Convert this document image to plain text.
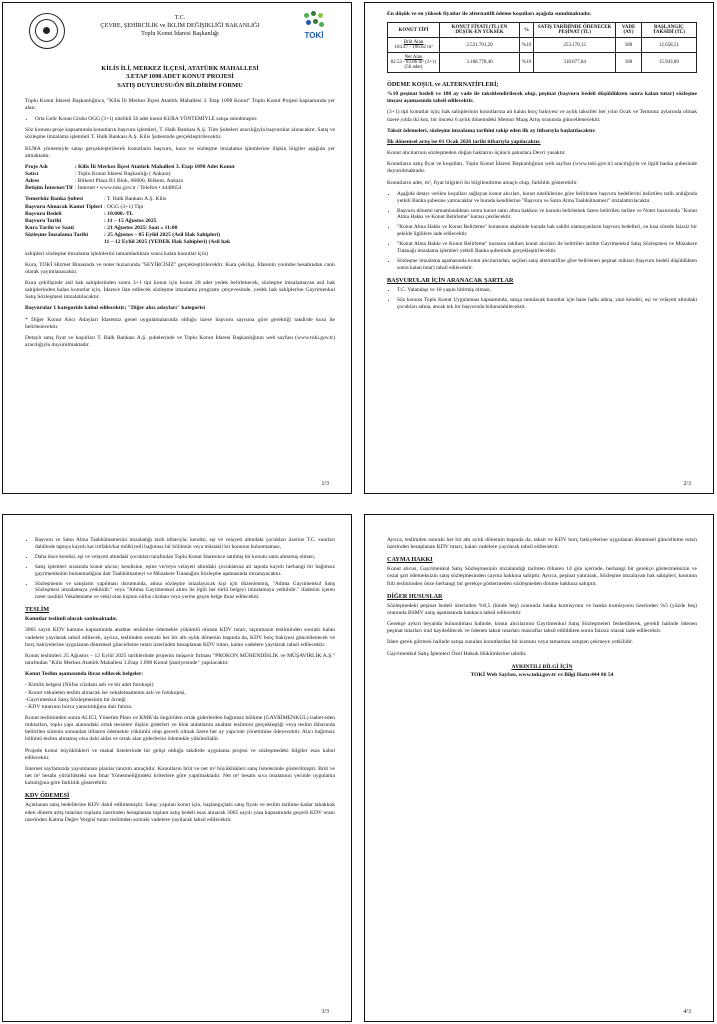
T.C.
ÇEVRE, ŞEHİRCİLİK ve İKLİM DEĞİŞİKLİĞİ BAKANLIĞI
Toplu Konut İdaresi Başkanlığı	TOKİ
KİLİS İLİ, MERKEZ İLÇESİ, ATATÜRK MAHALLESİ
3.ETAP 1098 ADET KONUT PROJESİ
SATIŞ DUYURUSU/ÖN BİLDİRİM FORMU

Toplu Konut İdaresi Başkanlığınca, "Kilis İli Merkez İlçesi Atatürk Mahallesi 3. Etap 1098 Konut" Toplu Konut Projesi kapsamında yer alan;

• Orta Gelir Konut Grubu OGG (3+1) nitelikli 56 adet konut KURA YÖNTEMİYLE satışa sunulmuştur.

Söz konusu proje kapsamında konutların başvuru işlemleri, T. Halk Bankası A.Ş. Tüm Şubeleri aracılığıyla başvurular alınacaktır. Satış ve sözleşme imzalama işlemleri T. Halk Bankası A.Ş. Kilis Şubesinde gerçekleştirilecektir.

KURA yöntemiyle satışı gerçekleştirilecek konutların başvuru, kura ve sözleşme imzalama işlemlerine ilişkin bilgiler aşağıda yer almaktadır.

Proje Adı	: Kilis İli Merkez İlçesi Atatürk Mahallesi 3. Etap 1098 Adet Konut
Satıcı	: Toplu Konut İdaresi Başkanlığı ( Ankara)
Adres	: Bilkent Plaza B1 Blok, 06800, Bilkent, Ankara
İletişim İnternet/Tlf	: İnternet • www.toki.gov.tr / Telefon • 4448654
Temerküz Banka Şubesi	: T. Halk Bankası A.Ş. Kilis
Başvuru Alınacak Konut Tipleri	: OGG (3+1) Tipi
Başvuru Bedeli	: 10.000.-TL
Başvuru Tarihi	: 11 – 15 Ağustos 2025
Kura Tarihi ve Saati	: 21 Ağustos 2025/ Saat » 11:00
Sözleşme İmzalama Tarihi	: 25 Ağustos – 05 Eylül 2025 (Asil Hak Sahipleri)
	11 – 12 Eylül 2025 (YEDEK Hak Sahipleri) (Asil hak

sahipleri sözleşme imzalama işlemlerini tamamladıktan sonra kalan konutlar için)

Kura, TOKİ Hizmet Binasında ve noter huzurunda "SEYİRCİSİZ" gerçekleştirilecektir. Kura çekilişi, İdarenin youtube hesabından canlı olarak yayımlanacaktır.

Kura çekilişinde asil hak sahiplerinden sonra 3+1 tipi konut için konut 28 adet yedek belirlenecek, sözleşme imzalamayan asil hak sahiplerinden kalan konutlar için, İdarece ilan edilecek sözleşme imzalama programı çerçevesinde, yedek hak sahiplerine Gayrimenkul Satış Sözleşmesi imzalatılacaktır.

Başvurular 1 kategoride kabul edilecektir; "Diğer alıcı adayları" kategorisi

* Diğer Konut Alıcı Adayları İdaremiz genel uygulamalarında olduğu üzere başvuru sayısına göre gerektiği takdirde kura ile belirlenecektir.

Detaylı satış fiyat ve koşulları T. Halk Bankası A.Ş. şubelerinde ve Toplu Konut İdaresi Başkanlığının web sayfası (www.toki.gov.tr) aracılığıyla duyurulmaktadır.

1/3

En düşük ve en yüksek fiyatlar ile alternatifli ödeme koşulları aşağıda sunulmaktadır.

KONUT TİPİ	KONUT FİYATI (TL) EN DÜŞÜK-EN YÜKSEK	%	SATIŞ TARİHİNDE ÖDENECEK PEŞİNAT (TL)	VADE (AY)	BAŞLANGIÇ TAKSİDİ (TL)
Brüt Alan
104.47 - 106.62 m²	2.531.701,20	%10	253.170,12	180	12.658,51
Net Alan
82.53 - 83.86 m² (3+1) (56 adet)	3.188.778,40	%10	318.877,84	180	15.943,89
ÖDEME KOŞUL ve ALTERNATİFLERİ;

%10 peşinat bedeli ve 180 ay vade ile taksitlendirilecek olup, peşinat (başvuru bedeli düşüldükten sonra kalan tutar) sözleşme imzası aşamasında tahsil edilecektir.

(3+1) tipi konutlar için; hak sahiplerinin konutlarına ait kalan borç bakiyesi ve aylık taksitler her yılın Ocak ve Temmuz aylarında olmak üzere yılda iki kez, bir önceki 6 aylık dönemdeki Memur Maaş Artış oranında güncellenecektir.

Taksit ödemeleri, sözleşme imzalama tarihini takip eden ilk ay itibarıyla başlatılacaktır.

İlk dönemsel artış ise 01 Ocak 2026 tarihi itibarıyla yapılacaktır.

Konut alıcılarının sözleşmeden doğan haklarını üçüncü şahıslara Devri yasaktır.

Konutların satış fiyat ve koşulları, Toplu Konut İdaresi Başkanlığının web sayfası (www.toki.gov.tr) aracılığıyla ve ilgili banka şubesinde duyurulmaktadır.

Konutların adet, m², fiyat bilgileri bu bilgilendirme amaçlı olup, farklılık gösterebilir.

• Aşağıda detayı verilen koşulları sağlayan konut alıcıları, konut niteliklerine göre belirlenen başvuru bedellerini belirtilen tarih aralığında yetkili Banka şubesine yatıracaklar ve burada kendilerine "Başvuru ve Satın Alma Taahhütnamesi" imzalattırılacaktır.
• Başvuru dönemi tamamlandıktan sonra konut satın alma hakkını ve konutu belirlemek üzere belirtilen tarihte ve Noter huzurunda "Konut Alma Hakkı ve Konut Belirleme" kurası çekilecektir.
• "Konut Alma Hakkı ve Konut Belirleme" kurasının akabinde kurada hak sahibi olamayanların başvuru bedelleri, en kısa sürede faizsiz bir şekilde ilgililere iade edilecektir.
• "Konut Alma Hakkı ve Konut Belirleme" kurasını takiben konut alıcıları ile belirtilen tarihte Gayrimenkul Satış Sözleşmesi ve Müzakere Tutanağı imzalama işlemleri yetkili Banka şubesinde gerçekleştirilecektir.
• Sözleşme imzalama aşamasında konut alıcılarından, seçilen satış alternatifine göre belirlenen peşinat miktarı (başvuru bedeli düşüldükten sonra kalan tutar) tahsil edilecektir.
BAŞVURULAR İÇİN ARANACAK ŞARTLAR
• T.C. Vatandaşı ve 18 yaşını bitirmiş olması,
• Söz konusu Toplu Konut Uygulaması kapsamında, satışa sunulacak konutlar için hane halkı adına, yani kendisi, eşi ve velayeti altındaki çocukları adına, ancak tek bir başvuruda bulunulabilecektir.
2/3
• Başvuru ve Satın Alma Taahhütnamesini imzaladığı tarih itibarıyla; kendisi, eşi ve velayeti altındaki çocukları üzerine T.C. sınırları dahilinde tapuya kayıtlı kat irtifaklı/kat mülkiyetli bağımsız bir bölümün veya müstakil bir konutun bulunmaması,
• Daha önce kendisi, eşi ve velayeti altındaki çocukları tarafından Toplu Konut İdaresince satılmış bir konutu satın almamış olması,
• Satış işlemleri sırasında konut alıcısı; kendisine, eşine ve/veya velayeti altındaki çocuklarına ait tapuda kayıtlı herhangi bir bağımsız gayrimenkulün bulunmadığına dair Taahhütnameyi ve Müzakere Tutanağını Sözleşme aşamasında imzalayacaktır.
• Sözleşmenin ve satışların yapılması durumunda, adına sözleşme imzalayacak kişi için düzenlenmiş, "Adıma Gayrimenkul Satış Sözleşmesi imzalamaya yetkilidir." veya "Adıma Gayrimenkul alımı ile ilgili her türlü belgeyi imzalamaya yetkilidir." ifadesini içeren noter tasdikli Vekaletname ve vekil olan kişinin nüfus cüzdanı veya yerine geçen belge ibraz edilecektir.
TESLİM

Konutlar teslimli olarak satılmaktadır.

3065 sayılı KDV kanunu kapsamında anahtar teslimine ödemekle yükümlü olunan KDV tutarı, taşınmazın tesliminden sonraki kalan vadelere yayılarak tahsil edilecek, ayrıca, teslimden sonraki her bir altı aylık dönemin başında da, KDV borç bakiyesi güncellenecek ve borç bakiyelerine uygulanan dönemsel güncelleme tutarı üzerinden hesaplanan KDV tutarı, kalan vadelere yayılarak tahsil edilecektir.

Konut teslimleri 25 Ağustos – 12 Eylül 2025 tarihlerinde projenin müşavir firması "PROKON MÜHENDİSLİK ve MÜŞAVİRLİK A.Ş." tarafından "Kilis Merkez Atatürk Mahallesi 3.Etap 1.098 Konut Şantiyesinde" yapılacaktır.

Konut Teslim aşamasında ibraz edilecek belgeler:

- Kimlik belgesi (Nüfus cüzdanı aslı ve bir adet fotokopi)

- Konut vekaleten teslim alınacak ise vekaletnamenin aslı ve fotokopisi,

-Gayrimenkul Satış Sözleşmesinin bir örneği

- KDV tutarının borca yansıtıldığına dair fatura.

Konut tesliminden sonra ALICI, Yönetim Planı ve KMK'da öngörülen ortak giderlerden bağımsız bölüme (GAYRİMENKUL) isabet eden miktarları, toplu yapı alanındaki ortak tesislere ilişkin giderleri ve blok aidatlarını anahtar teslimini gerçekleştiği veya teslim ihbarında belirtilen sürenin sonundan itibaren ödemekle yükümlü olup gecerli olmak üzere her ay yapı/site yönetimine ödeyecektir. Alıcı bağımsız bölümü teslim almamış olsa dahi aidat ve ortak alan giderlerini ödemekle yükümlüdür.

Projede konut büyüklükleri ve mahal listelerinde bir gelişi olduğu takdirde uygulama projesi ve sözleşmedeki bilgiler esas kabul edilecektir.

İnternet sayfamızda yayımlanan planlar tanıtım amaçlıdır. Konutların brüt ve net m² büyüklükleri satış listelerinde gösterilmiştir. Brüt ve net m² hesabı yürürlükteki son İmar Yönetmeliğindeki kriterlere göre yapılmaktadır. Net m² hesabı sıva imalatının yerinde uygulama kalınlığına göre farklılık gösterebilir.

KDV ÖDEMESİ

Açıklanan satış bedellerine KDV dahil edilmemiştir. Satışı yapılan konut için, başlangıçtaki satış fiyatı ve teslim tarihine kadar tahakkuk eden dönem artış tutarları toplamı üzerinden hesaplanan toplam satış bedeli esas alınarak 3065 sayılı yasa kapsamında geçerli KDV oranı üzerinden Katma Değer Vergisi tutarı teslimden sonraki vadelere yayılarak tahsil edilecektir.

3/3

Ayrıca, teslimden sonraki her bir altı aylık dönemin başında da, taksit ve KDV borç bakiyelerine uygulanan dönemsel güncelleme tutarı üzerinden hesaplanan KDV tutarı, kalan vadelere yayılarak tahsil edilecektir.

CAYMA HAKKI

Konut alıcısı, Gayrimenkul Satış Sözleşmesinin imzalandığı tarihten itibaren 14 gün içerinde, herhangi bir gerekçe göstermeksizin ve cezai şart ödemeksizin satış sözleşmesinden cayma hakkına sahiptir. Ayrıca, peşinat yatırarak, Sözleşme imzalayan hak sahipleri, konutun fiili tesliminden önce herhangi bir gerekçe göstermeden sözleşmeden dönme hakkına sahiptir.

DİĞER HUSUSLAR

Sözleşmedeki peşinat bedeli üzerinden %0,5 (binde beş) oranında banka komisyonu ve banka komisyonu üzerinden %5 (yüzde beş) oranında BSMV satış aşamasında bankaca tahsil edilecektir.

Gerekçe aykırı beyanda bulunulması halinde, konut alıcılarının Gayrimenkul Satış Sözleşmeleri feshedilerek, gerekli halinde ödenen peşinat tutarları irad kaydedilecek ve ödenen taksit tutarları masraflar tahsil edildikten sonra faizsiz olarak iade edilecektir.

İdare gerek görmesi halinde satışa sunulan konutlardan bir kısmını veya tamamını satıştan çekmeye yetkilidir.

Gayrimenkul Satış İşlemleri Özel Hukuk Hükümlerine tabidir.

AYRINTILI BİLGİ İÇİN

TOKİ Web Sayfası, www.toki.gov.tr ve Bilgi Hattı:444 86 54

4/3
